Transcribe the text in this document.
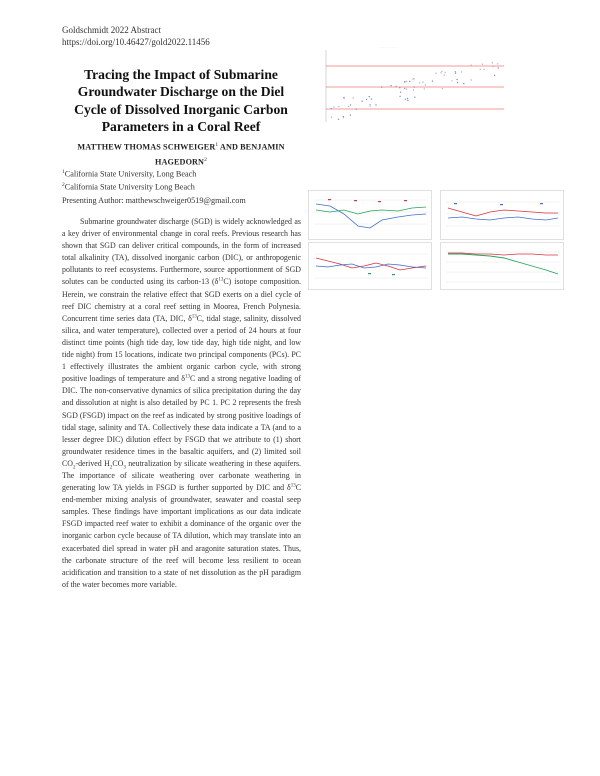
Goldschmidt 2022 Abstract
https://doi.org/10.46427/gold2022.11456
Tracing the Impact of Submarine Groundwater Discharge on the Diel Cycle of Dissolved Inorganic Carbon Parameters in a Coral Reef
MATTHEW THOMAS SCHWEIGER$^1$ AND BENJAMIN HAGEDORN$^2$
$^1$California State University, Long Beach
$^2$California State University Long Beach
Presenting Author: matthewschweiger0519@gmail.com
Submarine groundwater discharge (SGD) is widely acknowledged as a key driver of environmental change in coral reefs. Previous research has shown that SGD can deliver critical compounds, in the form of increased total alkalinity (TA), dissolved inorganic carbon (DIC), or anthropogenic pollutants to reef ecosystems. Furthermore, source apportionment of SGD solutes can be conducted using its carbon-13 $(\delta^{13}C)$ isotope composition. Herein, we constrain the relative effect that SGD exerts on a diel cycle of reef DIC chemistry at a coral reef setting in Moorea, French Polynesia. Concurrent time series data (TA, DIC, $\delta^{13}C$, tidal stage, salinity, dissolved silica, and water temperature), collected over a period of 24 hours at four distinct time points (high tide day, low tide day, high tide night, and low tide night) from 15 locations, indicate two principal components (PCs). PC 1 effectively illustrates the ambient organic carbon cycle, with strong positive loadings of temperature and $\delta^{13}C$ and a strong negative loading of DIC. The non-conservative dynamics of silica precipitation during the day and dissolution at night is also detailed by PC 1. PC 2 represents the fresh SGD (FSGD) impact on the reef as indicated by strong positive loadings of tidal stage, salinity and TA. Collectively these data indicate a TA (and to a lesser degree DIC) dilution effect by FSGD that we attribute to (1) short groundwater residence times in the basaltic aquifers, and (2) limited soil $CO_2$-derived $H_2CO_3$ neutralization by silicate weathering in these aquifers. The importance of silicate weathering over carbonate weathering in generating low TA yields in FSGD is further supported by DIC and $\delta^{13}C$ end-member mixing analysis of groundwater, seawater and coastal seep samples. These findings have important implications as our data indicate FSGD impacted reef water to exhibit a dominance of the organic over the inorganic carbon cycle because of TA dilution, which may translate into an exacerbated diel spread in water pH and aragonite saturation states. Thus, the carbonate structure of the reef will become less resilient to ocean acidification and transition to a state of net dissolution as the pH paradigm of the water becomes more variable.
· · · · · · · · · · ·
